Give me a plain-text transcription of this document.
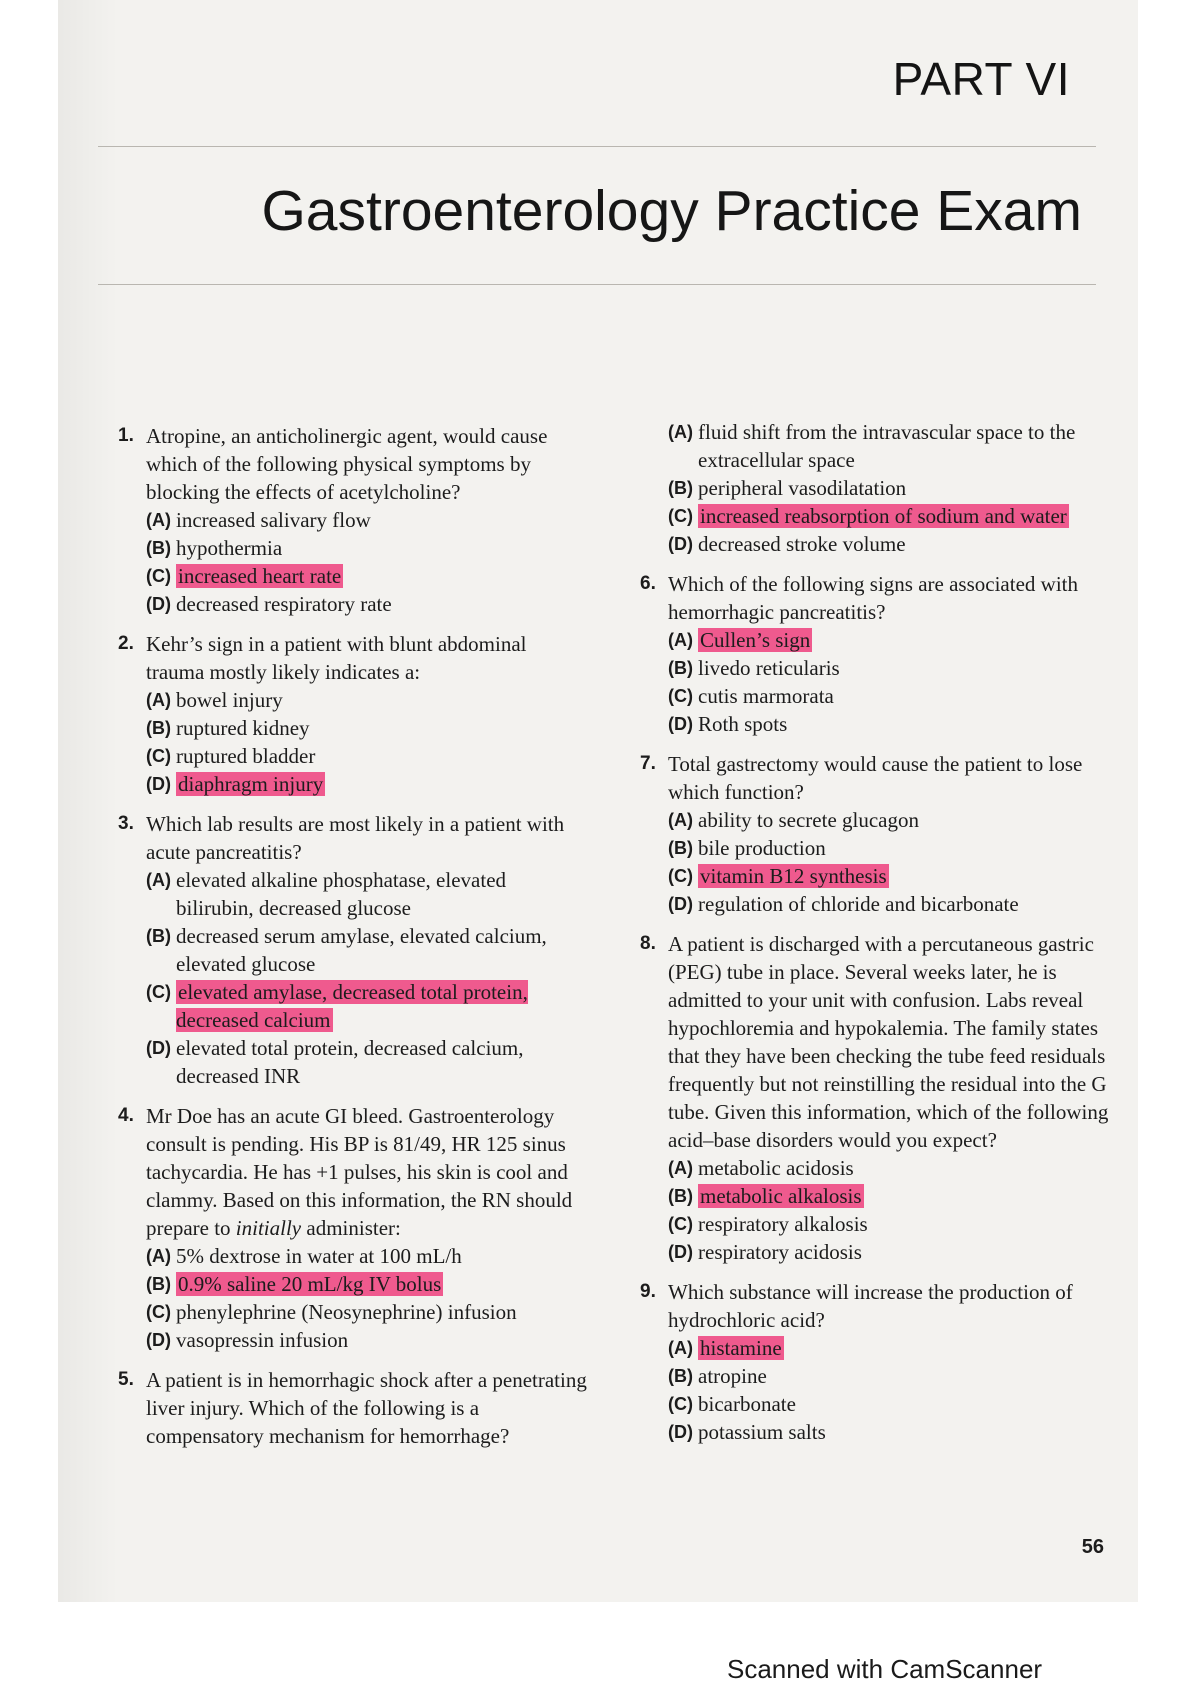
PART VI
Gastroenterology Practice Exam
1. Atropine, an anticholinergic agent, would cause which of the following physical symptoms by blocking the effects of acetylcholine?
(A) increased salivary flow
(B) hypothermia
(C) increased heart rate
(D) decreased respiratory rate
2. Kehr’s sign in a patient with blunt abdominal trauma mostly likely indicates a:
(A) bowel injury
(B) ruptured kidney
(C) ruptured bladder
(D) diaphragm injury
3. Which lab results are most likely in a patient with acute pancreatitis?
(A) elevated alkaline phosphatase, elevated bilirubin, decreased glucose
(B) decreased serum amylase, elevated calcium, elevated glucose
(C) elevated amylase, decreased total protein, decreased calcium
(D) elevated total protein, decreased calcium, decreased INR
4. Mr Doe has an acute GI bleed. Gastroenterology consult is pending. His BP is 81/49, HR 125 sinus tachycardia. He has +1 pulses, his skin is cool and clammy. Based on this information, the RN should prepare to initially administer:
(A) 5% dextrose in water at 100 mL/h
(B) 0.9% saline 20 mL/kg IV bolus
(C) phenylephrine (Neosynephrine) infusion
(D) vasopressin infusion
5. A patient is in hemorrhagic shock after a penetrating liver injury. Which of the following is a compensatory mechanism for hemorrhage?
(A) fluid shift from the intravascular space to the extracellular space
(B) peripheral vasodilatation
(C) increased reabsorption of sodium and water
(D) decreased stroke volume
6. Which of the following signs are associated with hemorrhagic pancreatitis?
(A) Cullen’s sign
(B) livedo reticularis
(C) cutis marmorata
(D) Roth spots
7. Total gastrectomy would cause the patient to lose which function?
(A) ability to secrete glucagon
(B) bile production
(C) vitamin B12 synthesis
(D) regulation of chloride and bicarbonate
8. A patient is discharged with a percutaneous gastric (PEG) tube in place. Several weeks later, he is admitted to your unit with confusion. Labs reveal hypochloremia and hypokalemia. The family states that they have been checking the tube feed residuals frequently but not reinstilling the residual into the G tube. Given this information, which of the following acid–base disorders would you expect?
(A) metabolic acidosis
(B) metabolic alkalosis
(C) respiratory alkalosis
(D) respiratory acidosis
9. Which substance will increase the production of hydrochloric acid?
(A) histamine
(B) atropine
(C) bicarbonate
(D) potassium salts
56
Scanned with CamScanner
